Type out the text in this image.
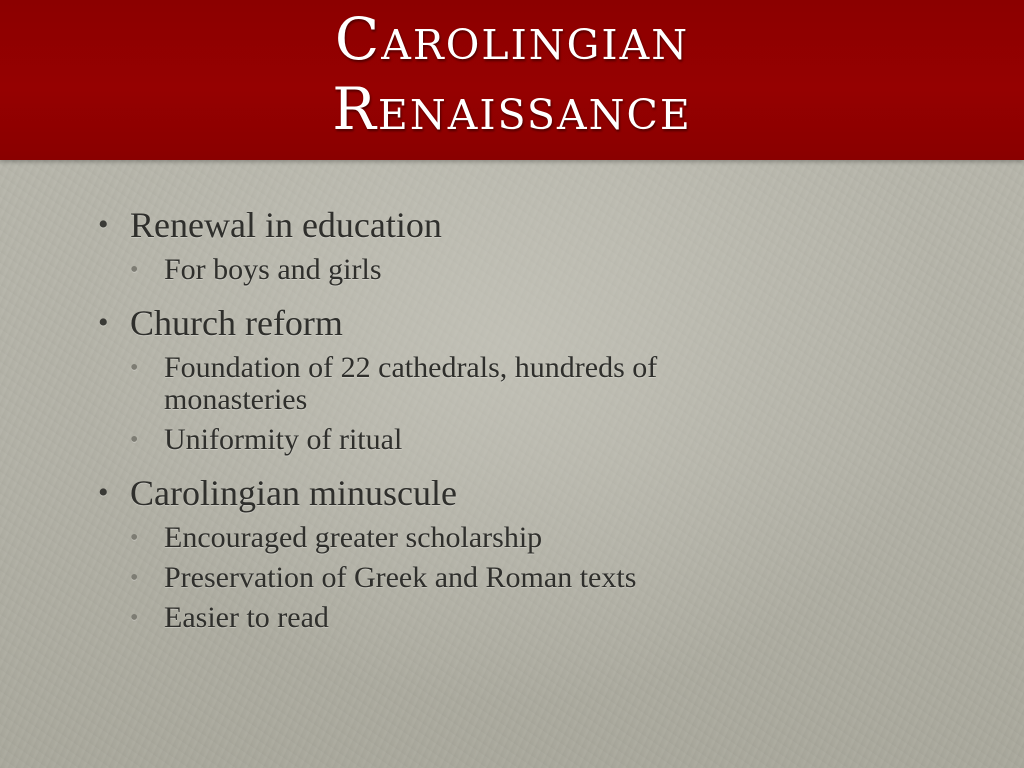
Carolingian
Renaissance
• Renewal in education
• For boys and girls
• Church reform
• Foundation of 22 cathedrals, hundreds of monasteries
• Uniformity of ritual
• Carolingian minuscule
• Encouraged greater scholarship
• Preservation of Greek and Roman texts
• Easier to read
